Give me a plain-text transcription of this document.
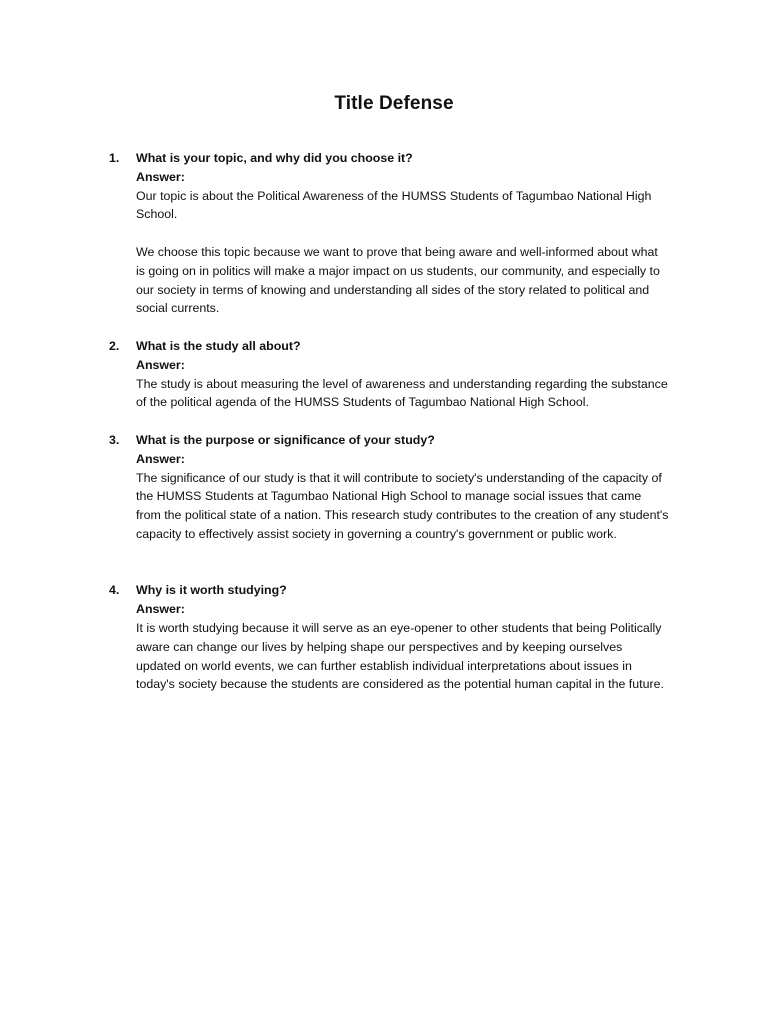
Title Defense
1. What is your topic, and why did you choose it?
Answer:

Our topic is about the Political Awareness of the HUMSS Students of Tagumbao National High School.

We choose this topic because we want to prove that being aware and well-informed about what is going on in politics will make a major impact on us students, our community, and especially to our society in terms of knowing and understanding all sides of the story related to political and social currents.

2. What is the study all about?
Answer:

The study is about measuring the level of awareness and understanding regarding the substance of the political agenda of the HUMSS Students of Tagumbao National High School.

3. What is the purpose or significance of your study?
Answer:

The significance of our study is that it will contribute to society's understanding of the capacity of the HUMSS Students at Tagumbao National High School to manage social issues that came from the political state of a nation. This research study contributes to the creation of any student's capacity to effectively assist society in governing a country's government or public work.

4. Why is it worth studying?
Answer:

It is worth studying because it will serve as an eye-opener to other students that being Politically aware can change our lives by helping shape our perspectives and by keeping ourselves updated on world events, we can further establish individual interpretations about issues in today's society because the students are considered as the potential human capital in the future.
